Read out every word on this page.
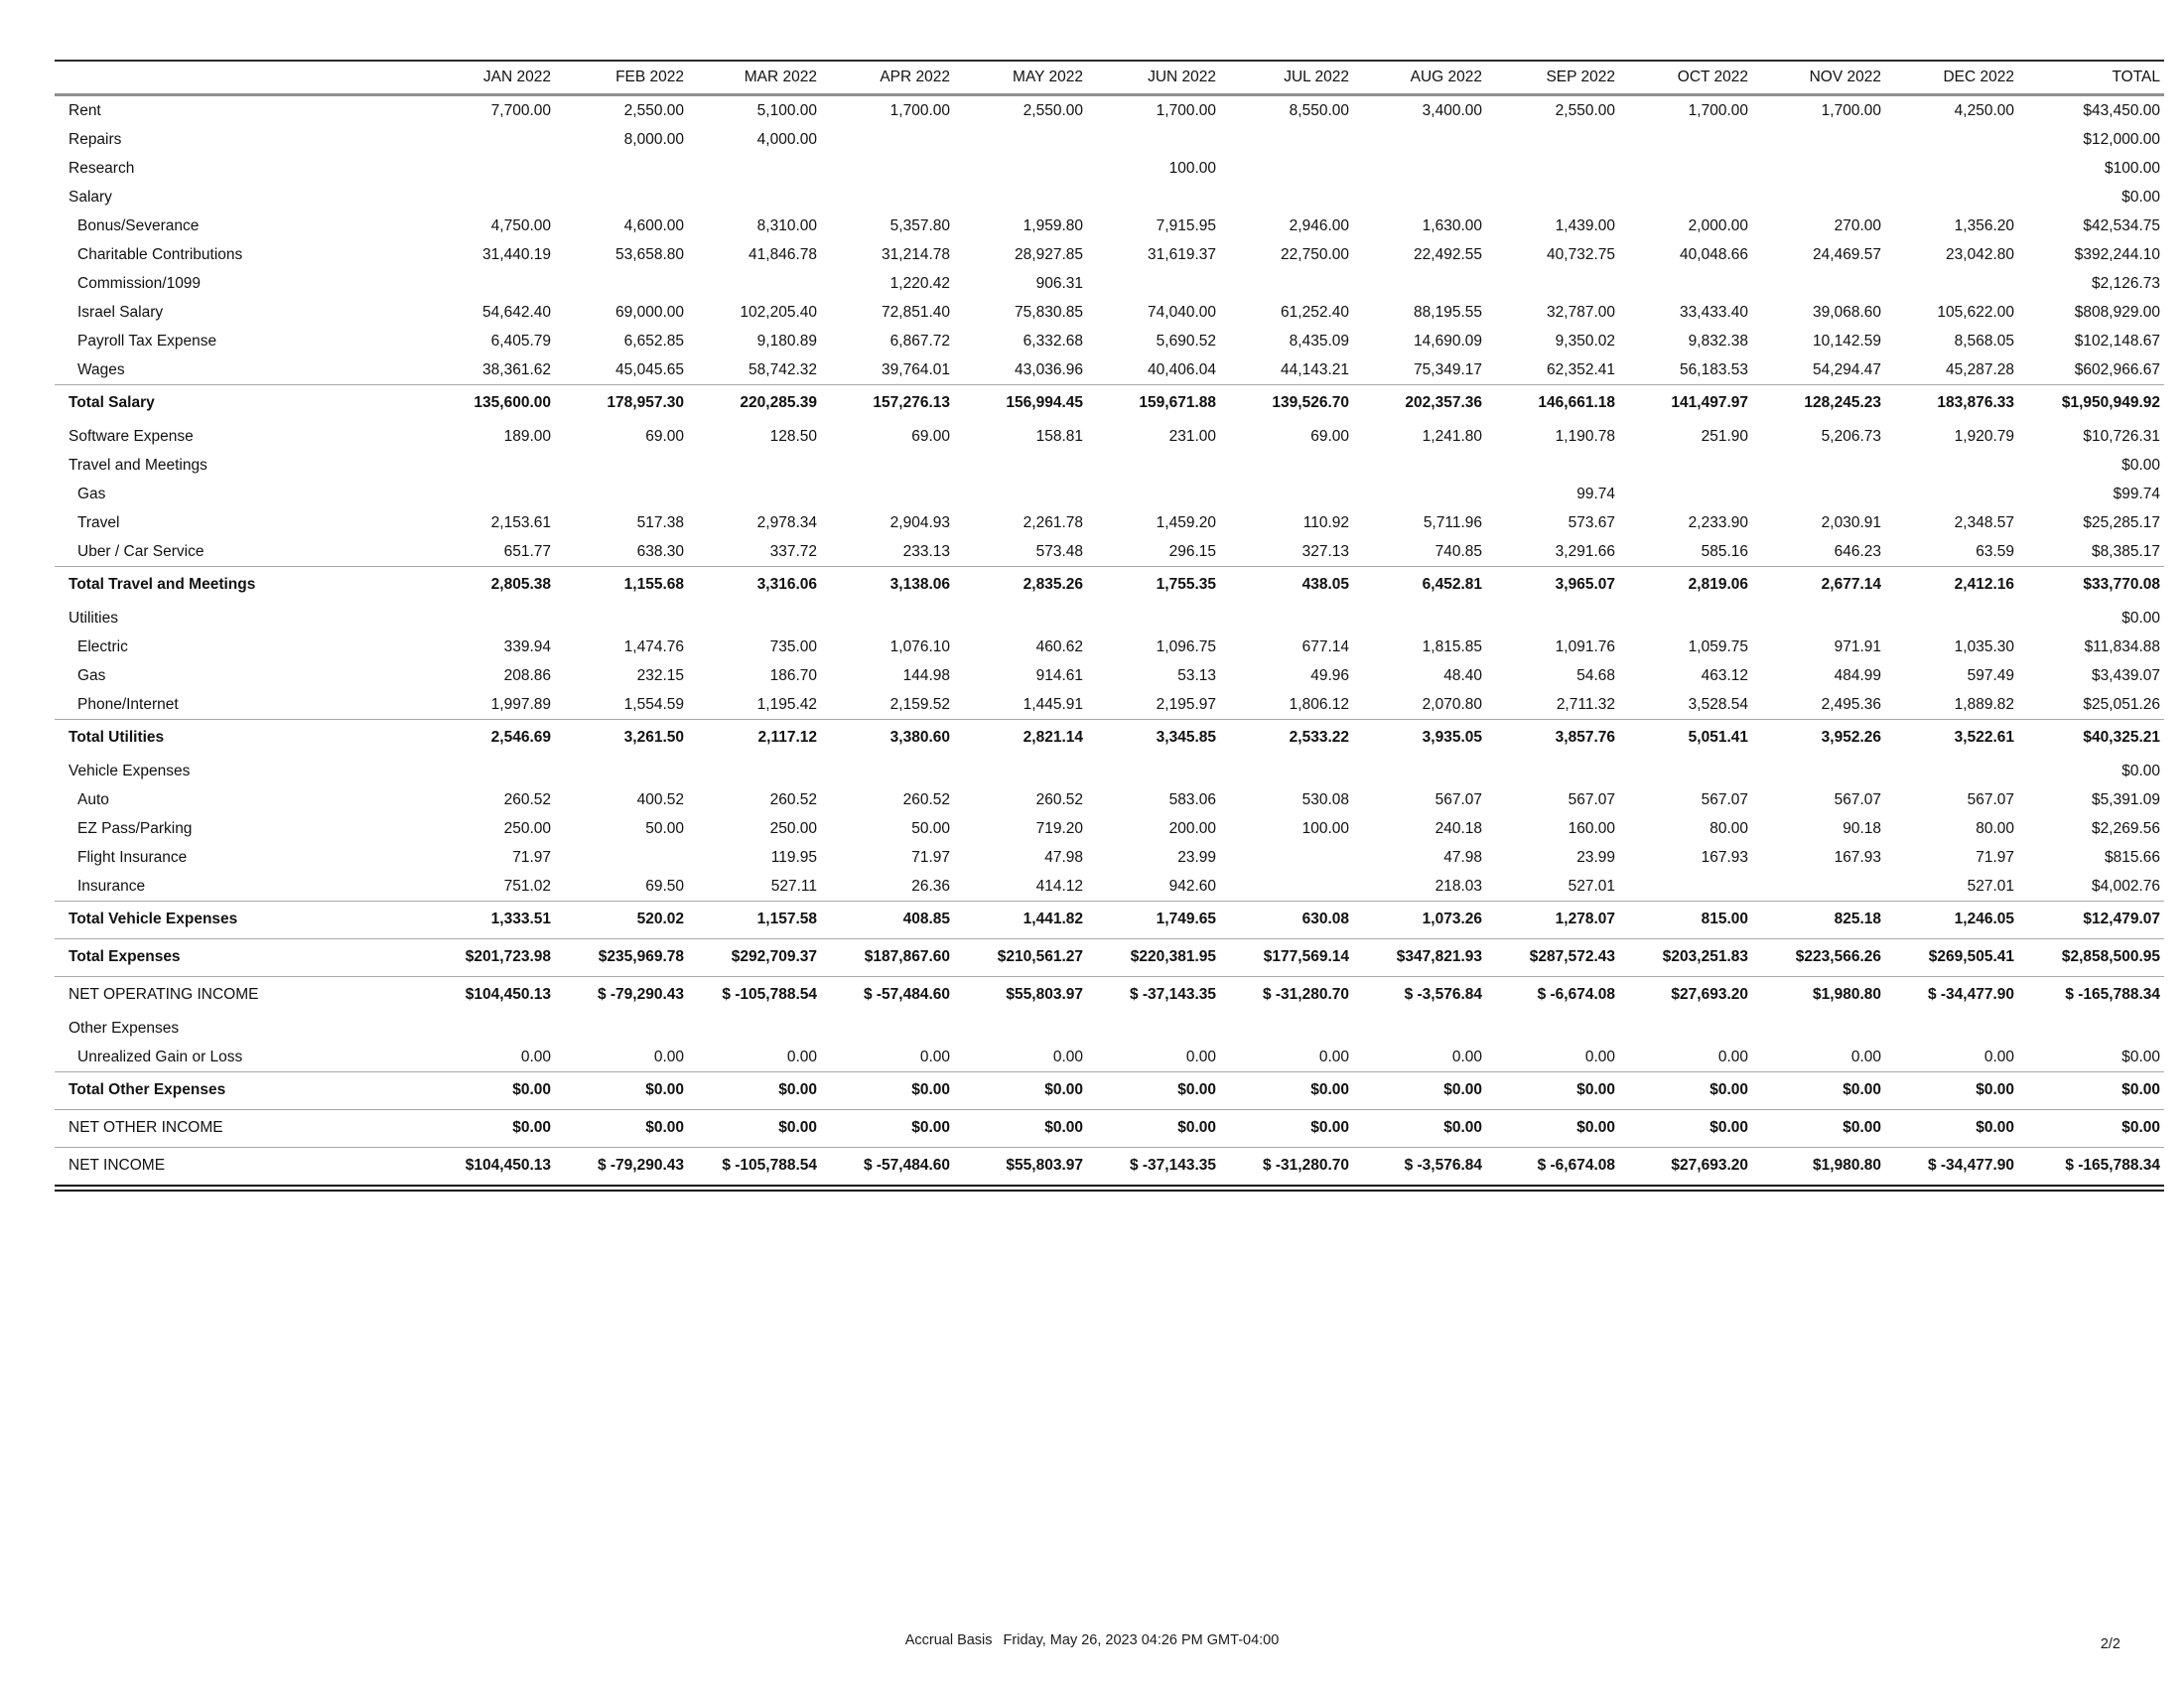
	JAN 2022	FEB 2022	MAR 2022	APR 2022	MAY 2022	JUN 2022	JUL 2022	AUG 2022	SEP 2022	OCT 2022	NOV 2022	DEC 2022	TOTAL
Rent	7,700.00	2,550.00	5,100.00	1,700.00	2,550.00	1,700.00	8,550.00	3,400.00	2,550.00	1,700.00	1,700.00	4,250.00	$43,450.00
Repairs		8,000.00	4,000.00										$12,000.00
Research						100.00							$100.00
Salary													$0.00
Bonus/Severance	4,750.00	4,600.00	8,310.00	5,357.80	1,959.80	7,915.95	2,946.00	1,630.00	1,439.00	2,000.00	270.00	1,356.20	$42,534.75
Charitable Contributions	31,440.19	53,658.80	41,846.78	31,214.78	28,927.85	31,619.37	22,750.00	22,492.55	40,732.75	40,048.66	24,469.57	23,042.80	$392,244.10
Commission/1099				1,220.42	906.31								$2,126.73
Israel Salary	54,642.40	69,000.00	102,205.40	72,851.40	75,830.85	74,040.00	61,252.40	88,195.55	32,787.00	33,433.40	39,068.60	105,622.00	$808,929.00
Payroll Tax Expense	6,405.79	6,652.85	9,180.89	6,867.72	6,332.68	5,690.52	8,435.09	14,690.09	9,350.02	9,832.38	10,142.59	8,568.05	$102,148.67
Wages	38,361.62	45,045.65	58,742.32	39,764.01	43,036.96	40,406.04	44,143.21	75,349.17	62,352.41	56,183.53	54,294.47	45,287.28	$602,966.67
Total Salary	135,600.00	178,957.30	220,285.39	157,276.13	156,994.45	159,671.88	139,526.70	202,357.36	146,661.18	141,497.97	128,245.23	183,876.33	$1,950,949.92
Software Expense	189.00	69.00	128.50	69.00	158.81	231.00	69.00	1,241.80	1,190.78	251.90	5,206.73	1,920.79	$10,726.31
Travel and Meetings													$0.00
Gas									99.74				$99.74
Travel	2,153.61	517.38	2,978.34	2,904.93	2,261.78	1,459.20	110.92	5,711.96	573.67	2,233.90	2,030.91	2,348.57	$25,285.17
Uber / Car Service	651.77	638.30	337.72	233.13	573.48	296.15	327.13	740.85	3,291.66	585.16	646.23	63.59	$8,385.17
Total Travel and Meetings	2,805.38	1,155.68	3,316.06	3,138.06	2,835.26	1,755.35	438.05	6,452.81	3,965.07	2,819.06	2,677.14	2,412.16	$33,770.08
Utilities													$0.00
Electric	339.94	1,474.76	735.00	1,076.10	460.62	1,096.75	677.14	1,815.85	1,091.76	1,059.75	971.91	1,035.30	$11,834.88
Gas	208.86	232.15	186.70	144.98	914.61	53.13	49.96	48.40	54.68	463.12	484.99	597.49	$3,439.07
Phone/Internet	1,997.89	1,554.59	1,195.42	2,159.52	1,445.91	2,195.97	1,806.12	2,070.80	2,711.32	3,528.54	2,495.36	1,889.82	$25,051.26
Total Utilities	2,546.69	3,261.50	2,117.12	3,380.60	2,821.14	3,345.85	2,533.22	3,935.05	3,857.76	5,051.41	3,952.26	3,522.61	$40,325.21
Vehicle Expenses													$0.00
Auto	260.52	400.52	260.52	260.52	260.52	583.06	530.08	567.07	567.07	567.07	567.07	567.07	$5,391.09
EZ Pass/Parking	250.00	50.00	250.00	50.00	719.20	200.00	100.00	240.18	160.00	80.00	90.18	80.00	$2,269.56
Flight Insurance	71.97		119.95	71.97	47.98	23.99		47.98	23.99	167.93	167.93	71.97	$815.66
Insurance	751.02	69.50	527.11	26.36	414.12	942.60		218.03	527.01			527.01	$4,002.76
Total Vehicle Expenses	1,333.51	520.02	1,157.58	408.85	1,441.82	1,749.65	630.08	1,073.26	1,278.07	815.00	825.18	1,246.05	$12,479.07
Total Expenses	$201,723.98	$235,969.78	$292,709.37	$187,867.60	$210,561.27	$220,381.95	$177,569.14	$347,821.93	$287,572.43	$203,251.83	$223,566.26	$269,505.41	$2,858,500.95
NET OPERATING INCOME	$104,450.13	$ -79,290.43	$ -105,788.54	$ -57,484.60	$55,803.97	$ -37,143.35	$ -31,280.70	$ -3,576.84	$ -6,674.08	$27,693.20	$1,980.80	$ -34,477.90	$ -165,788.34
Other Expenses													
Unrealized Gain or Loss	0.00	0.00	0.00	0.00	0.00	0.00	0.00	0.00	0.00	0.00	0.00	0.00	$0.00
Total Other Expenses	$0.00	$0.00	$0.00	$0.00	$0.00	$0.00	$0.00	$0.00	$0.00	$0.00	$0.00	$0.00	$0.00
NET OTHER INCOME	$0.00	$0.00	$0.00	$0.00	$0.00	$0.00	$0.00	$0.00	$0.00	$0.00	$0.00	$0.00	$0.00
NET INCOME	$104,450.13	$ -79,290.43	$ -105,788.54	$ -57,484.60	$55,803.97	$ -37,143.35	$ -31,280.70	$ -3,576.84	$ -6,674.08	$27,693.20	$1,980.80	$ -34,477.90	$ -165,788.34
Accrual Basis Friday, May 26, 2023 04:26 PM GMT-04:00	2/2
